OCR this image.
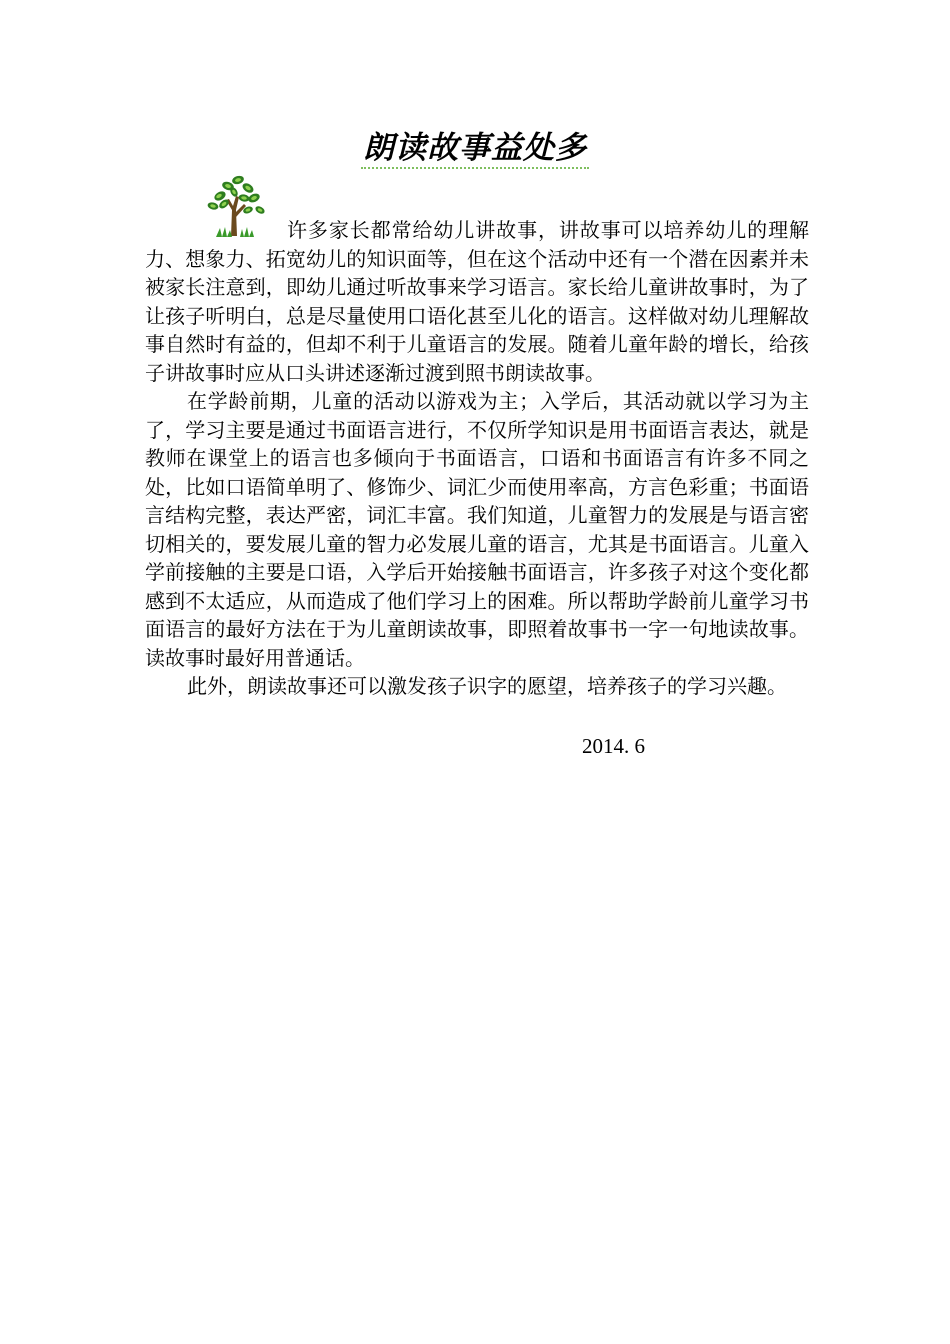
朗读故事益处多

许多家长都常给幼儿讲故事，讲故事可以培养幼儿的理解力、想象力、拓宽幼儿的知识面等，但在这个活动中还有一个潜在因素并未被家长注意到，即幼儿通过听故事来学习语言。家长给儿童讲故事时，为了让孩子听明白，总是尽量使用口语化甚至儿化的语言。这样做对幼儿理解故事自然时有益的，但却不利于儿童语言的发展。随着儿童年龄的增长，给孩子讲故事时应从口头讲述逐渐过渡到照书朗读故事。

在学龄前期，儿童的活动以游戏为主；入学后，其活动就以学习为主了，学习主要是通过书面语言进行，不仅所学知识是用书面语言表达，就是教师在课堂上的语言也多倾向于书面语言，口语和书面语言有许多不同之处，比如口语简单明了、修饰少、词汇少而使用率高，方言色彩重；书面语言结构完整，表达严密，词汇丰富。我们知道，儿童智力的发展是与语言密切相关的，要发展儿童的智力必发展儿童的语言，尤其是书面语言。儿童入学前接触的主要是口语，入学后开始接触书面语言，许多孩子对这个变化都感到不太适应，从而造成了他们学习上的困难。所以帮助学龄前儿童学习书面语言的最好方法在于为儿童朗读故事，即照着故事书一字一句地读故事。读故事时最好用普通话。

此外，朗读故事还可以激发孩子识字的愿望，培养孩子的学习兴趣。

2014. 6
